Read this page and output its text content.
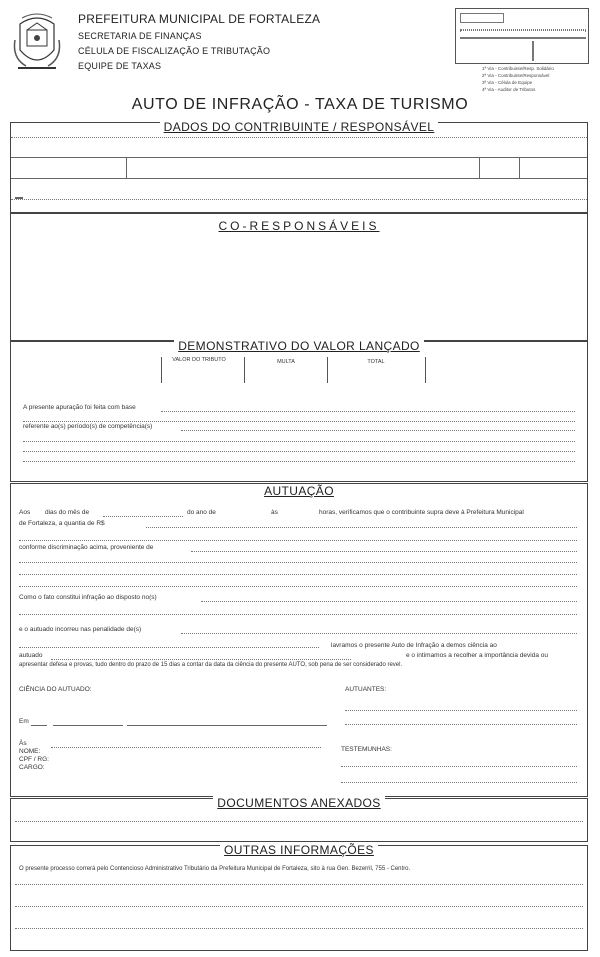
PREFEITURA MUNICIPAL DE FORTALEZA
SECRETARIA DE FINANÇAS
CÉLULA DE FISCALIZAÇÃO E TRIBUTAÇÃO
EQUIPE DE TAXAS	1ª Via - Contribuinte/Resp. Solidário
2ª Via - Contribuinte/Responsável
3ª Via - Célula de Equipe
4ª Via - Auditor de Tributos
AUTO DE INFRAÇÃO - TAXA DE TURISMO
DADOS DO CONTRIBUINTE / RESPONSÁVEL
CO-RESPONSÁVEIS
DEMONSTRATIVO DO VALOR LANÇADO
VALOR DO TRIBUTO	MULTA	TOTAL
A presente apuração foi feita com base
referente ao(s) período(s) de competência(s)
AUTUAÇÃO
Aos dias do mês de	do ano de	às	horas, verificamos que o contribuinte supra deve à Prefeitura Municipal
de Fortaleza, a quantia de R$
conforme discriminação acima, proveniente de
Como o fato constitui infração ao disposto no(s)
e o autuado incorreu nas penalidade de(s)
lavramos o presente Auto de Infração a demos ciência ao
autuado	e o intimamos a recolher a importância devida ou
apresentar defesa e provas, tudo dentro do prazo de 15 dias a contar da data da ciência do presente AUTO, sob pena de ser considerado revel.
CIÊNCIA DO AUTUADO:	AUTUANTES:
Em
Às
NOME:
CPF / RG:
CARGO:
TESTEMUNHAS:
DOCUMENTOS ANEXADOS
OUTRAS INFORMAÇÕES
O presente processo correrá pelo Contencioso Administrativo Tributário da Prefeitura Municipal de Fortaleza, sito à rua Gen. Bezerril, 755 - Centro.
